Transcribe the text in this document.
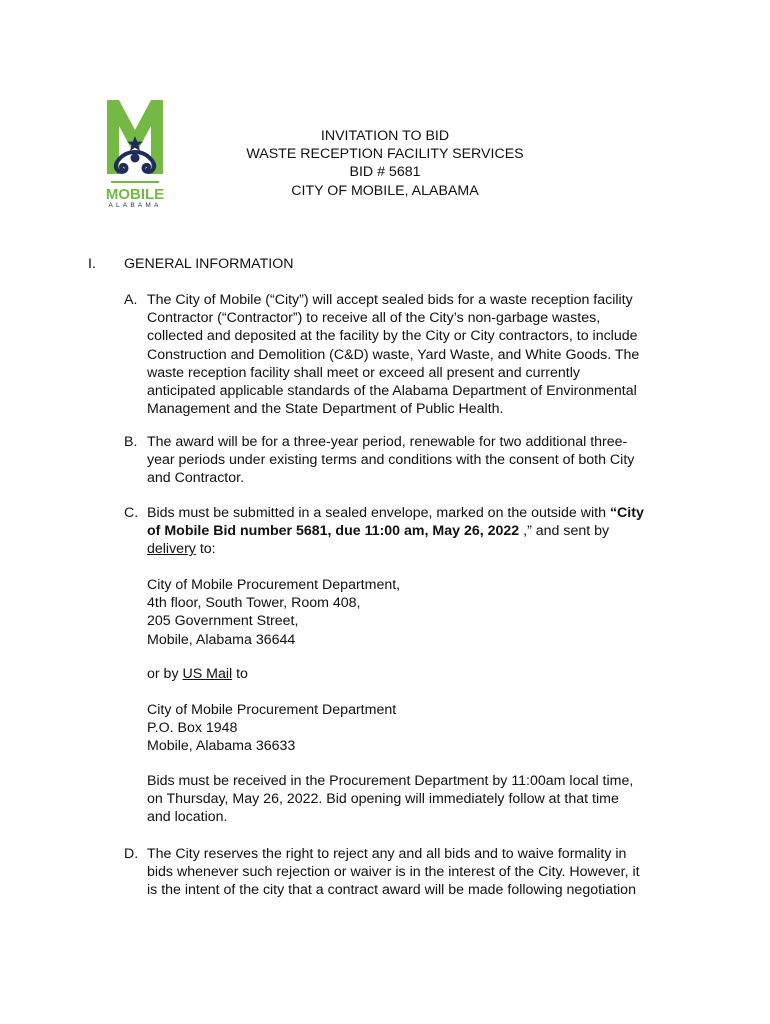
MOBILE
ALABAMA
INVITATION TO BID
WASTE RECEPTION FACILITY SERVICES
BID # 5681
CITY OF MOBILE, ALABAMA
I. GENERAL INFORMATION
A. The City of Mobile (“City”) will accept sealed bids for a waste reception facility
Contractor (“Contractor”) to receive all of the City’s non-garbage wastes,
collected and deposited at the facility by the City or City contractors, to include
Construction and Demolition (C&D) waste, Yard Waste, and White Goods. The
waste reception facility shall meet or exceed all present and currently
anticipated applicable standards of the Alabama Department of Environmental
Management and the State Department of Public Health.
B. The award will be for a three-year period, renewable for two additional three-
year periods under existing terms and conditions with the consent of both City
and Contractor.
C. Bids must be submitted in a sealed envelope, marked on the outside with “City
of Mobile Bid number 5681, due 11:00 am, May 26, 2022 ,” and sent by
delivery to:
City of Mobile Procurement Department,
4th floor, South Tower, Room 408,
205 Government Street,
Mobile, Alabama 36644
or by US Mail to
City of Mobile Procurement Department
P.O. Box 1948
Mobile, Alabama 36633
Bids must be received in the Procurement Department by 11:00am local time,
on Thursday, May 26, 2022. Bid opening will immediately follow at that time
and location.
D. The City reserves the right to reject any and all bids and to waive formality in
bids whenever such rejection or waiver is in the interest of the City. However, it
is the intent of the city that a contract award will be made following negotiation
